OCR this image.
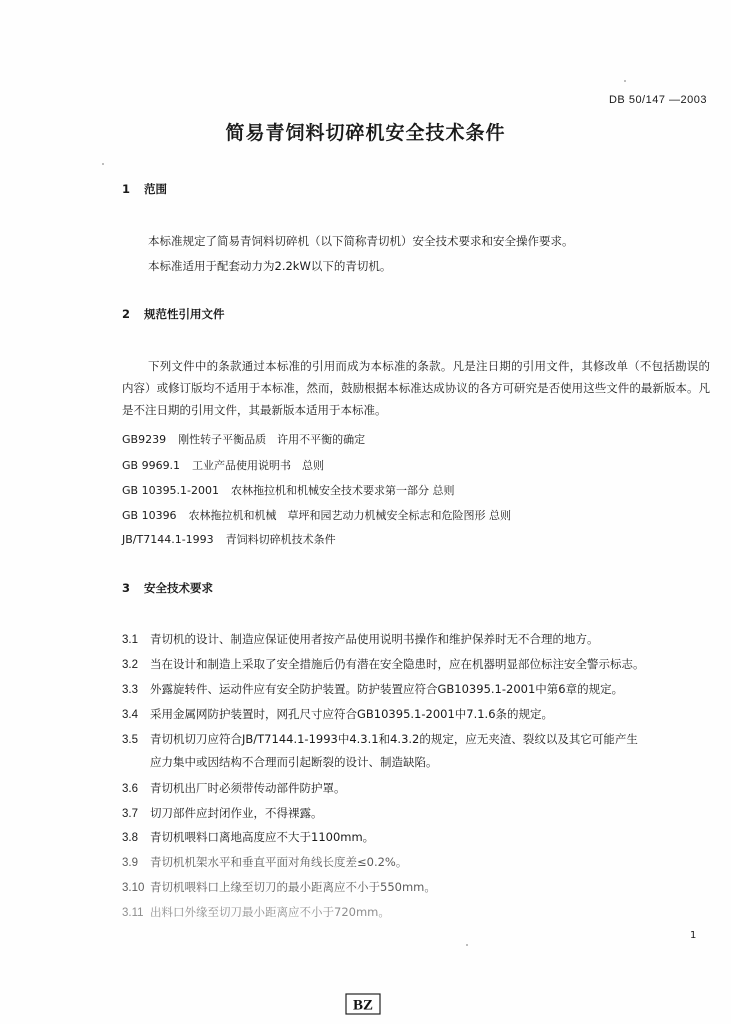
DB 50/147 —2003
简易青饲料切碎机安全技术条件
1 范围
本标准规定了简易青饲料切碎机（以下简称青切机）安全技术要求和安全操作要求。
本标准适用于配套动力为2.2kW以下的青切机。
2 规范性引用文件
下列文件中的条款通过本标准的引用而成为本标准的条款。凡是注日期的引用文件，其修改单（不包括勘误的内容）或修订版均不适用于本标准，然而，鼓励根据本标准达成协议的各方可研究是否使用这些文件的最新版本。凡是不注日期的引用文件，其最新版本适用于本标准。
GB9239 刚性转子平衡品质　许用不平衡的确定
GB 9969.1 工业产品使用说明书　总则
GB 10395.1-2001 农林拖拉机和机械安全技术要求第一部分 总则
GB 10396 农林拖拉机和机械　草坪和园艺动力机械安全标志和危险图形 总则
JB/T7144.1-1993 青饲料切碎机技术条件
3 安全技术要求
3.1 青切机的设计、制造应保证使用者按产品使用说明书操作和维护保养时无不合理的地方。
3.2 当在设计和制造上采取了安全措施后仍有潜在安全隐患时，应在机器明显部位标注安全警示标志。
3.3 外露旋转件、运动件应有安全防护装置。防护装置应符合GB10395.1-2001中第6章的规定。
3.4 采用金属网防护装置时，网孔尺寸应符合GB10395.1-2001中7.1.6条的规定。
3.5 青切机切刀应符合JB/T7144.1-1993中4.3.1和4.3.2的规定，应无夹渣、裂纹以及其它可能产生
应力集中或因结构不合理而引起断裂的设计、制造缺陷。
3.6 青切机出厂时必须带传动部件防护罩。
3.7 切刀部件应封闭作业，不得裸露。
3.8 青切机喂料口离地高度应不大于1100mm。
3.9 青切机机架水平和垂直平面对角线长度差≤0.2%。
3.10 青切机喂料口上缘至切刀的最小距离应不小于550mm。
3.11 出料口外缘至切刀最小距离应不小于720mm。
1
BZ
